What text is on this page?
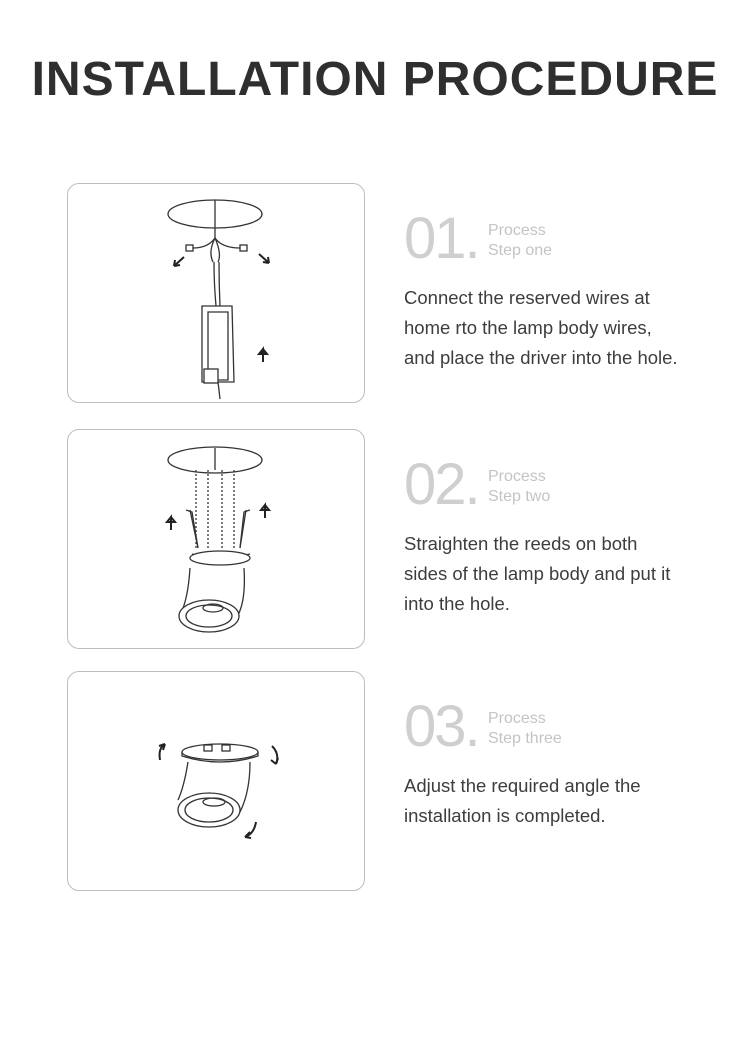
INSTALLATION PROCEDURE
01. Process
Step one
Connect the reserved wires at
home rto the lamp body wires,
and place the driver into the hole.
02. Process
Step two
Straighten the reeds on both
sides of the lamp body and put it
into the hole.
03. Process
Step three
Adjust the required angle the
installation is completed.
